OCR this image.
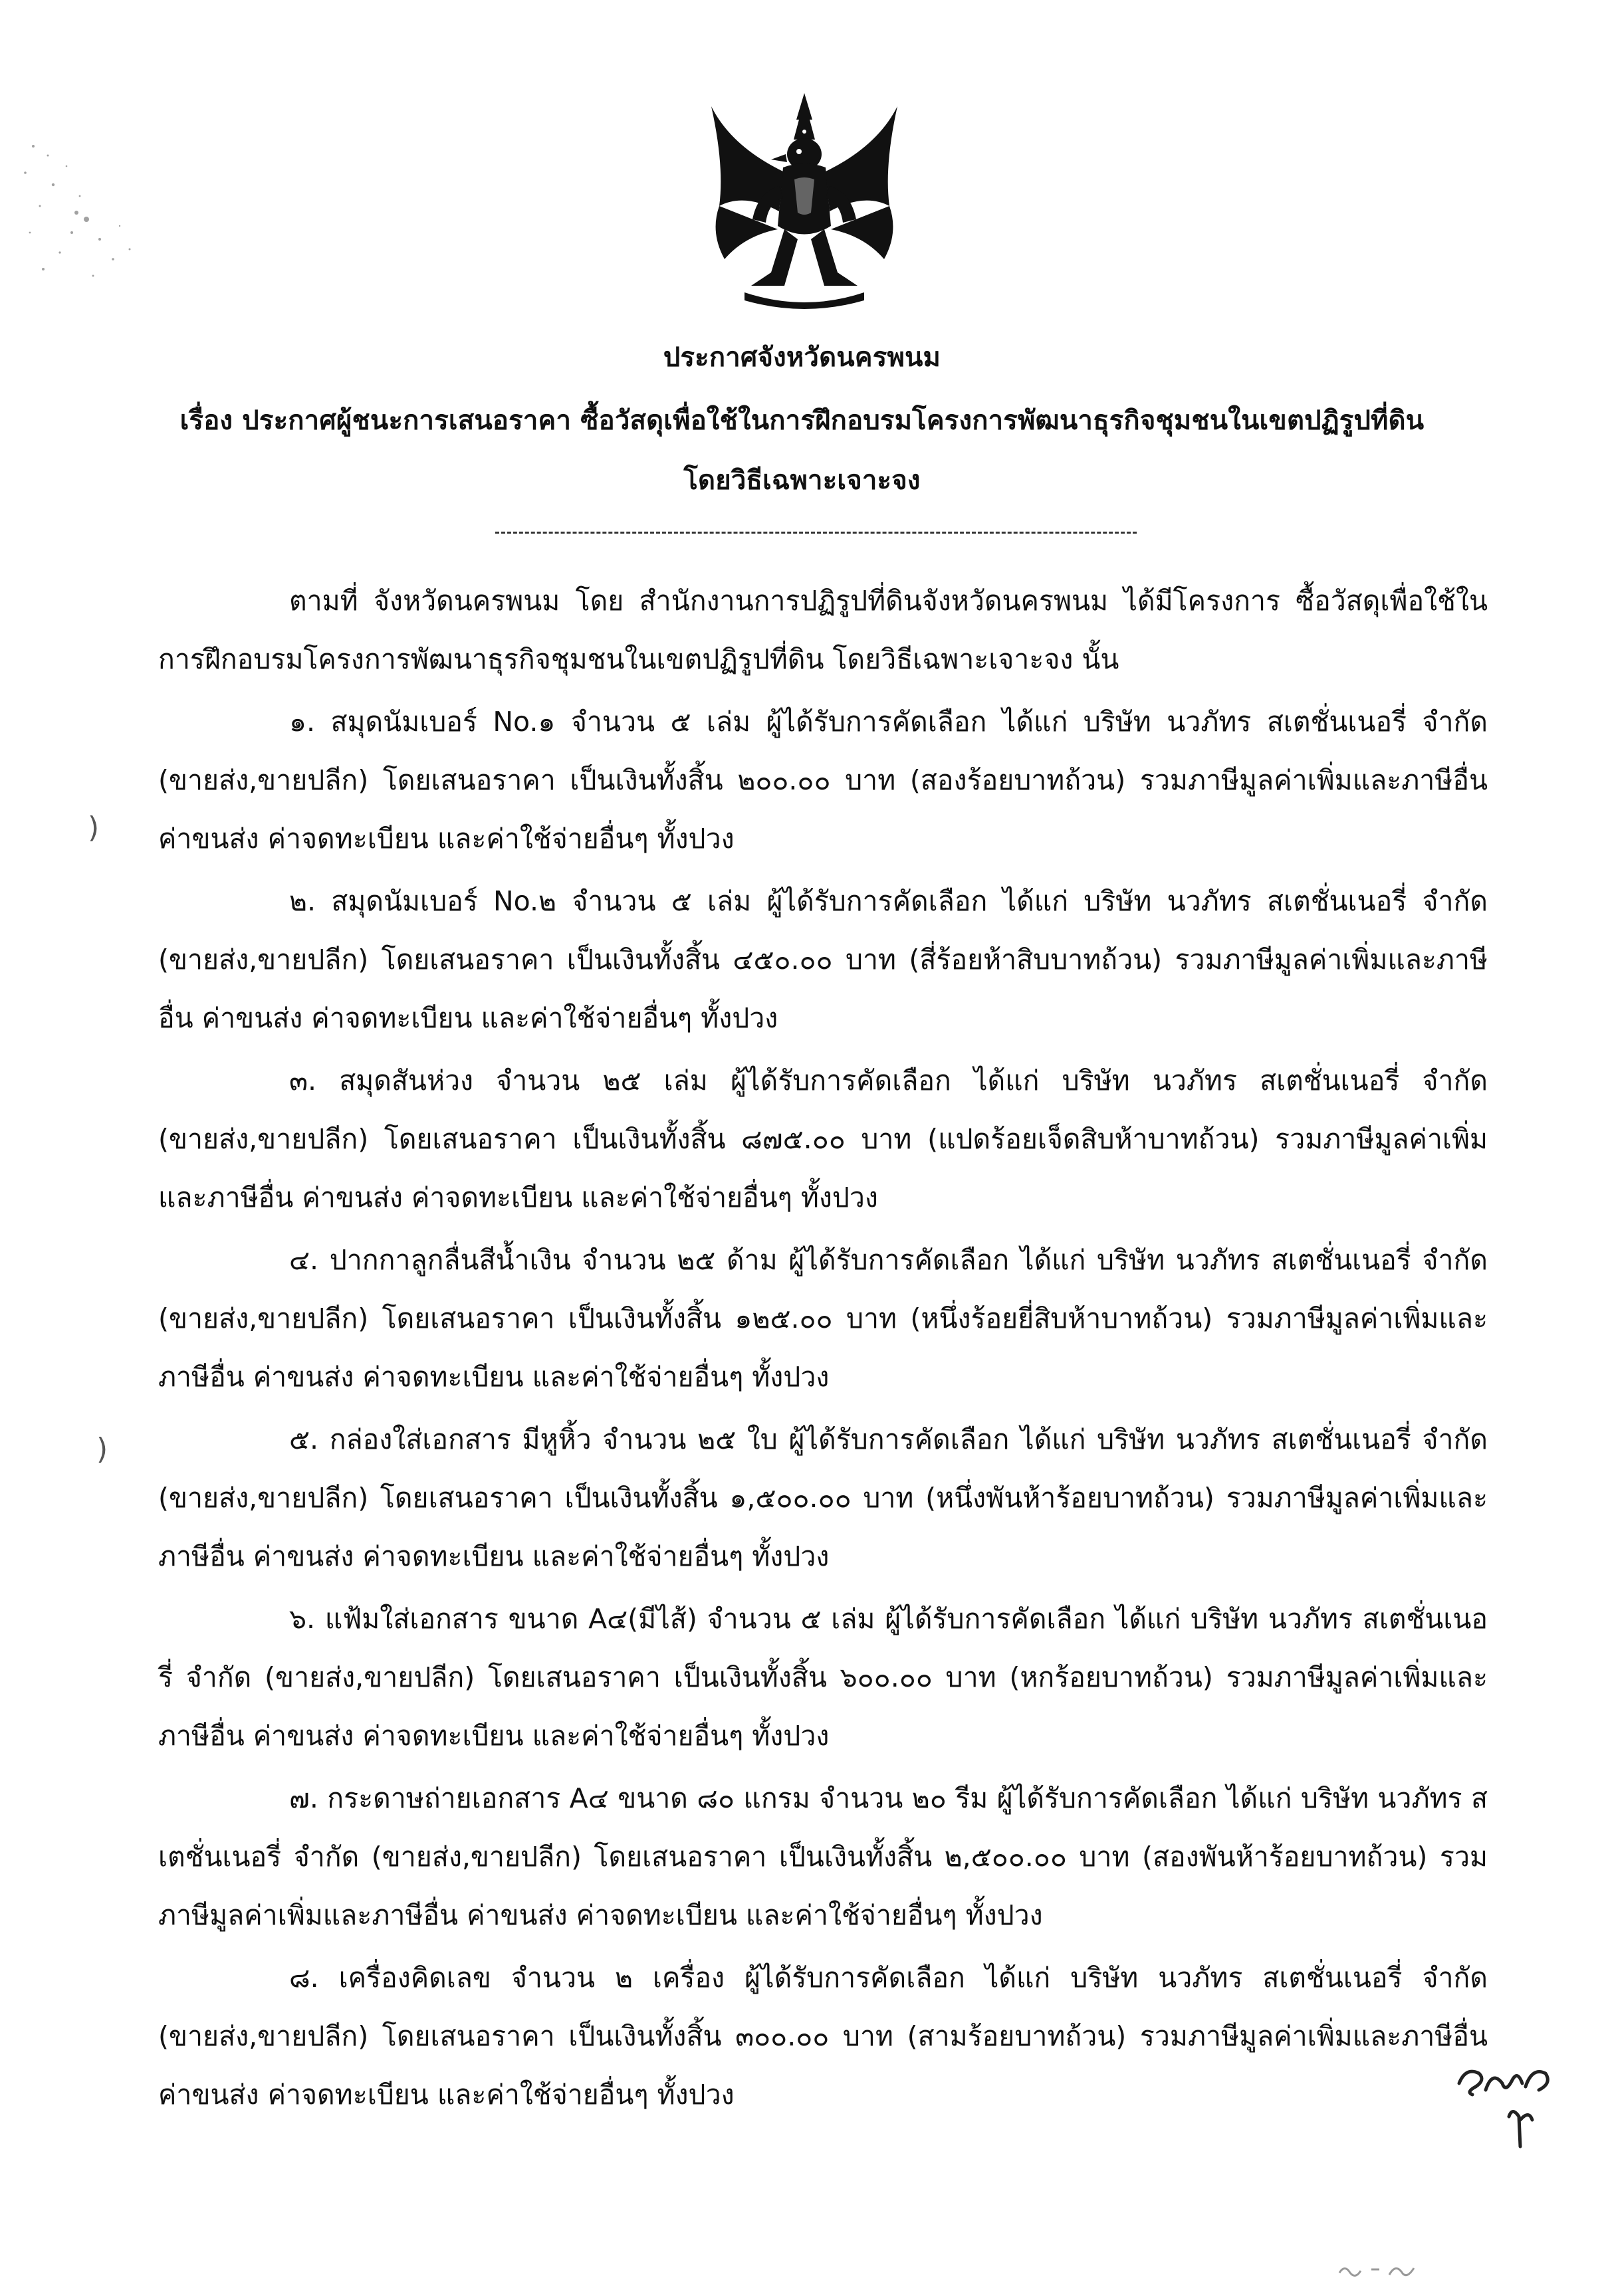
ประกาศจังหวัดนครพนม
เรื่อง ประกาศผู้ชนะการเสนอราคา ซื้อวัสดุเพื่อใช้ในการฝึกอบรมโครงการพัฒนาธุรกิจชุมชนในเขตปฏิรูปที่ดิน
โดยวิธีเฉพาะเจาะจง

ตามที่ จังหวัดนครพนม โดย สำนักงานการปฏิรูปที่ดินจังหวัดนครพนม ได้มีโครงการ ซื้อวัสดุเพื่อใช้ในการฝึกอบรมโครงการพัฒนาธุรกิจชุมชนในเขตปฏิรูปที่ดิน โดยวิธีเฉพาะเจาะจง นั้น

๑. สมุดนัมเบอร์ No.๑ จำนวน ๕ เล่ม ผู้ได้รับการคัดเลือก ได้แก่ บริษัท นวภัทร สเตชั่นเนอรี่ จำกัด (ขายส่ง,ขายปลีก) โดยเสนอราคา เป็นเงินทั้งสิ้น ๒๐๐.๐๐ บาท (สองร้อยบาทถ้วน) รวมภาษีมูลค่าเพิ่มและภาษีอื่น ค่าขนส่ง ค่าจดทะเบียน และค่าใช้จ่ายอื่นๆ ทั้งปวง

๒. สมุดนัมเบอร์ No.๒ จำนวน ๕ เล่ม ผู้ได้รับการคัดเลือก ได้แก่ บริษัท นวภัทร สเตชั่นเนอรี่ จำกัด (ขายส่ง,ขายปลีก) โดยเสนอราคา เป็นเงินทั้งสิ้น ๔๕๐.๐๐ บาท (สี่ร้อยห้าสิบบาทถ้วน) รวมภาษีมูลค่าเพิ่มและภาษีอื่น ค่าขนส่ง ค่าจดทะเบียน และค่าใช้จ่ายอื่นๆ ทั้งปวง

๓. สมุดสันห่วง จำนวน ๒๕ เล่ม ผู้ได้รับการคัดเลือก ได้แก่ บริษัท นวภัทร สเตชั่นเนอรี่ จำกัด (ขายส่ง,ขายปลีก) โดยเสนอราคา เป็นเงินทั้งสิ้น ๘๗๕.๐๐ บาท (แปดร้อยเจ็ดสิบห้าบาทถ้วน) รวมภาษีมูลค่าเพิ่มและภาษีอื่น ค่าขนส่ง ค่าจดทะเบียน และค่าใช้จ่ายอื่นๆ ทั้งปวง

๔. ปากกาลูกลื่นสีน้ำเงิน จำนวน ๒๕ ด้าม ผู้ได้รับการคัดเลือก ได้แก่ บริษัท นวภัทร สเตชั่นเนอรี่ จำกัด (ขายส่ง,ขายปลีก) โดยเสนอราคา เป็นเงินทั้งสิ้น ๑๒๕.๐๐ บาท (หนึ่งร้อยยี่สิบห้าบาทถ้วน) รวมภาษีมูลค่าเพิ่มและภาษีอื่น ค่าขนส่ง ค่าจดทะเบียน และค่าใช้จ่ายอื่นๆ ทั้งปวง

๕. กล่องใส่เอกสาร มีหูหิ้ว จำนวน ๒๕ ใบ ผู้ได้รับการคัดเลือก ได้แก่ บริษัท นวภัทร สเตชั่นเนอรี่ จำกัด (ขายส่ง,ขายปลีก) โดยเสนอราคา เป็นเงินทั้งสิ้น ๑,๕๐๐.๐๐ บาท (หนึ่งพันห้าร้อยบาทถ้วน) รวมภาษีมูลค่าเพิ่มและภาษีอื่น ค่าขนส่ง ค่าจดทะเบียน และค่าใช้จ่ายอื่นๆ ทั้งปวง

๖. แฟ้มใส่เอกสาร ขนาด A๔(มีไส้) จำนวน ๕ เล่ม ผู้ได้รับการคัดเลือก ได้แก่ บริษัท นวภัทร สเตชั่นเนอรี่ จำกัด (ขายส่ง,ขายปลีก) โดยเสนอราคา เป็นเงินทั้งสิ้น ๖๐๐.๐๐ บาท (หกร้อยบาทถ้วน) รวมภาษีมูลค่าเพิ่มและภาษีอื่น ค่าขนส่ง ค่าจดทะเบียน และค่าใช้จ่ายอื่นๆ ทั้งปวง

๗. กระดาษถ่ายเอกสาร A๔ ขนาด ๘๐ แกรม จำนวน ๒๐ รีม ผู้ได้รับการคัดเลือก ได้แก่ บริษัท นวภัทร สเตชั่นเนอรี่ จำกัด (ขายส่ง,ขายปลีก) โดยเสนอราคา เป็นเงินทั้งสิ้น ๒,๕๐๐.๐๐ บาท (สองพันห้าร้อยบาทถ้วน) รวมภาษีมูลค่าเพิ่มและภาษีอื่น ค่าขนส่ง ค่าจดทะเบียน และค่าใช้จ่ายอื่นๆ ทั้งปวง

๘. เครื่องคิดเลข จำนวน ๒ เครื่อง ผู้ได้รับการคัดเลือก ได้แก่ บริษัท นวภัทร สเตชั่นเนอรี่ จำกัด (ขายส่ง,ขายปลีก) โดยเสนอราคา เป็นเงินทั้งสิ้น ๓๐๐.๐๐ บาท (สามร้อยบาทถ้วน) รวมภาษีมูลค่าเพิ่มและภาษีอื่น ค่าขนส่ง ค่าจดทะเบียน และค่าใช้จ่ายอื่นๆ ทั้งปวง

)
)
